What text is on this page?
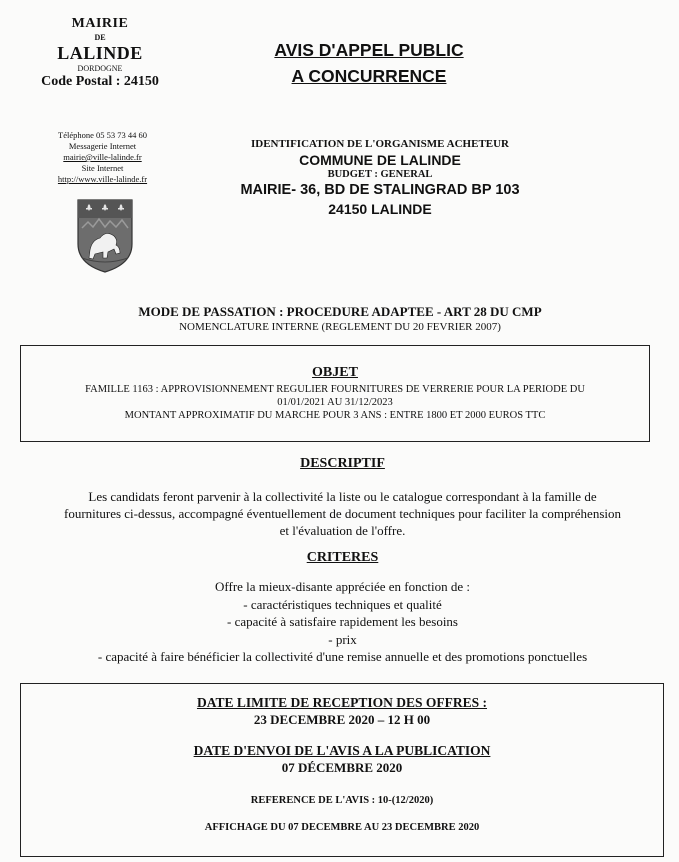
MAIRIE
DE
LALINDE
DORDOGNE
Code Postal : 24150
Téléphone 05 53 73 44 60
Messagerie Internet
mairie@ville-lalinde.fr
Site Internet
http://www.ville-lalinde.fr
AVIS D'APPEL PUBLIC
A CONCURRENCE
IDENTIFICATION DE L'ORGANISME ACHETEUR
COMMUNE DE LALINDE
BUDGET : GENERAL
MAIRIE- 36, BD DE STALINGRAD BP 103
24150 LALINDE
MODE DE PASSATION : PROCEDURE ADAPTEE - ART 28 DU CMP
NOMENCLATURE INTERNE (REGLEMENT DU 20 FEVRIER 2007)
OBJET
FAMILLE 1163 : APPROVISIONNEMENT REGULIER FOURNITURES DE VERRERIE POUR LA PERIODE DU
01/01/2021 AU 31/12/2023
MONTANT APPROXIMATIF DU MARCHE POUR 3 ANS : ENTRE 1800 ET 2000 EUROS TTC
DESCRIPTIF
Les candidats feront parvenir à la collectivité la liste ou le catalogue correspondant à la famille de
fournitures ci-dessus, accompagné éventuellement de document techniques pour faciliter la compréhension
et l'évaluation de l'offre.
CRITERES
Offre la mieux-disante appréciée en fonction de :
- caractéristiques techniques et qualité
- capacité à satisfaire rapidement les besoins
- prix
- capacité à faire bénéficier la collectivité d'une remise annuelle et des promotions ponctuelles
DATE LIMITE DE RECEPTION DES OFFRES :
23 DECEMBRE 2020 – 12 H 00
DATE D'ENVOI DE L'AVIS A LA PUBLICATION
07 DÉCEMBRE 2020
REFERENCE DE L'AVIS : 10-(12/2020)
AFFICHAGE DU 07 DECEMBRE AU 23 DECEMBRE 2020
